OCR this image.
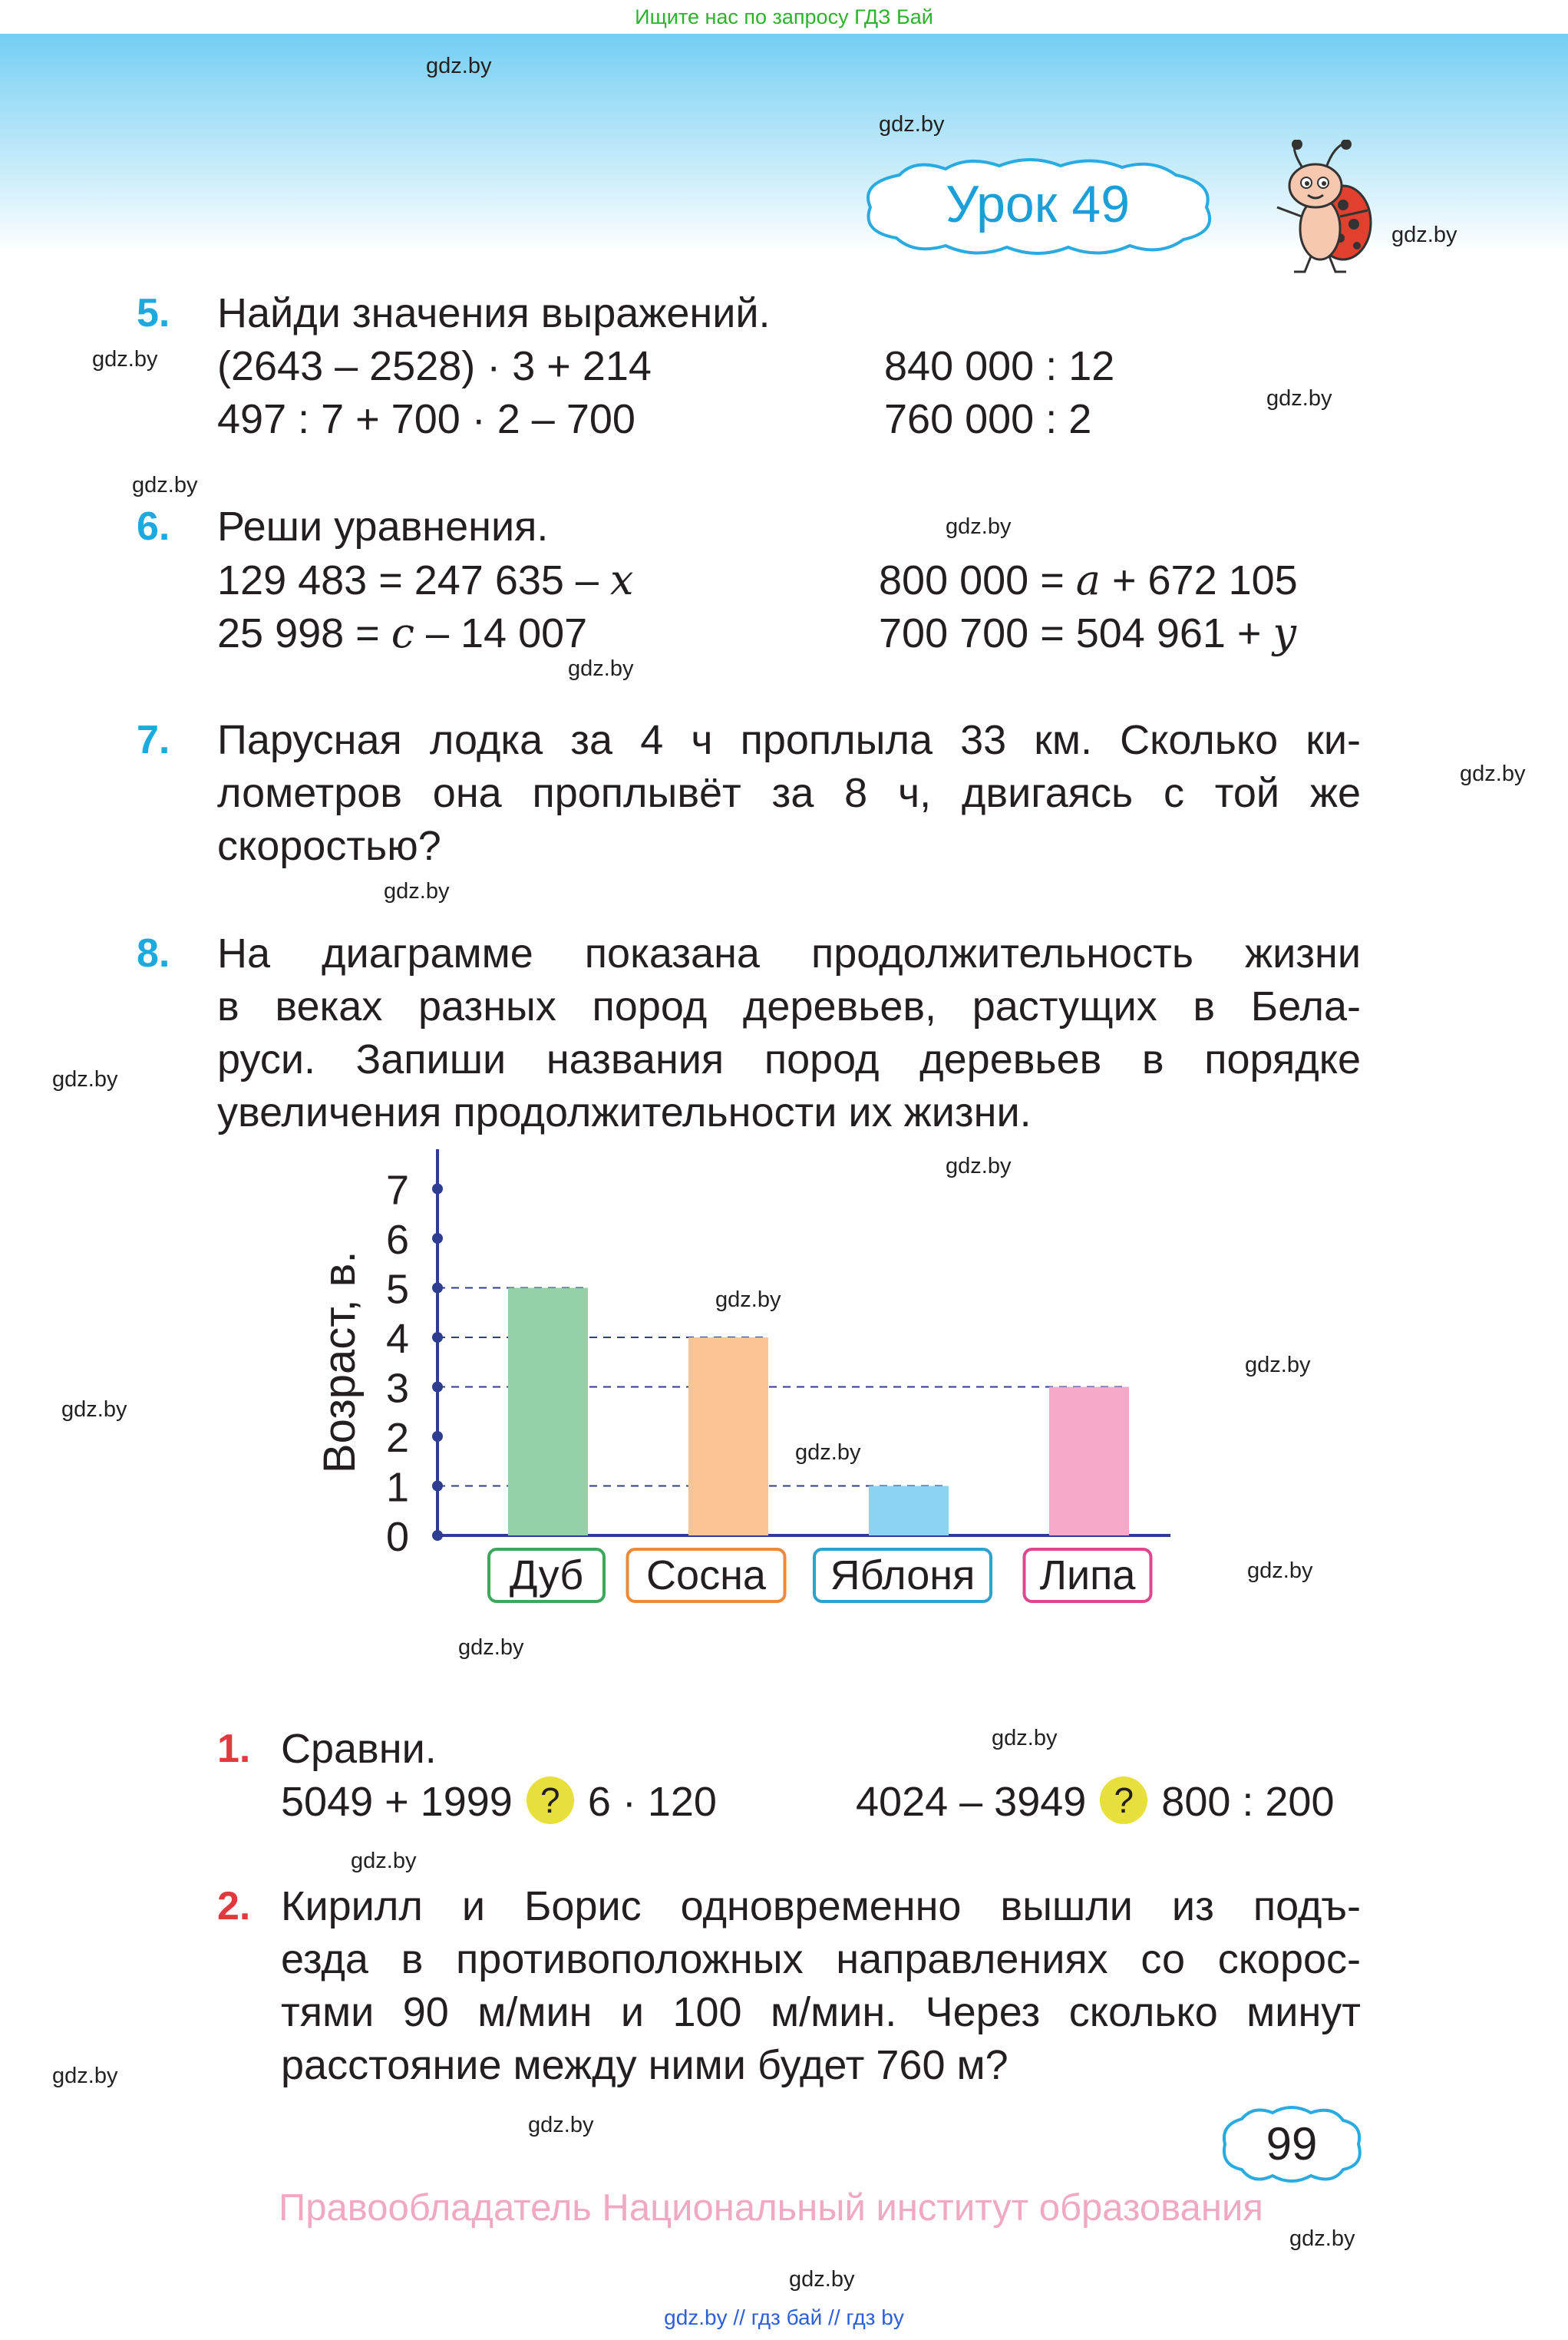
Ищите нас по запросу ГДЗ Бай
gdz.by
gdz.by
gdz.by
gdz.by
gdz.by
gdz.by
gdz.by
gdz.by
gdz.by
gdz.by
gdz.by
gdz.by
gdz.by
gdz.by
gdz.by
gdz.by
gdz.by
gdz.by
gdz.by
gdz.by
gdz.by
gdz.by
gdz.by
gdz.by
Урок 49
5. Найди значения выражений.
(2643 – 2528) · 3 + 214
497 : 7 + 700 · 2 – 700
840 000 : 12
760 000 : 2
6. Реши уравнения.
129 483 = 247 635 – x
25 998 = c – 14 007
800 000 = a + 672 105
700 700 = 504 961 + y
7. Парусная лодка за 4 ч проплыла 33 км. Сколько ки-
лометров она проплывёт за 8 ч, двигаясь с той же
скоростью?
8. На диаграмме показана продолжительность жизни
в веках разных пород деревьев, растущих в Бела-
руси. Запиши названия пород деревьев в порядке
увеличения продолжительности их жизни.
Возраст, в.
0
1
2
3
4
5
6
7
Дуб Сосна Яблоня Липа
1. Сравни.
5049 + 1999 ? 6 · 120	4024 – 3949 ? 800 : 200
2. Кирилл и Борис одновременно вышли из подъ-
езда в противоположных направлениях со скорос-
тями 90 м/мин и 100 м/мин. Через сколько минут
расстояние между ними будет 760 м?
99
Правообладатель Национальный институт образования
gdz.by // гдз бай // гдз by
